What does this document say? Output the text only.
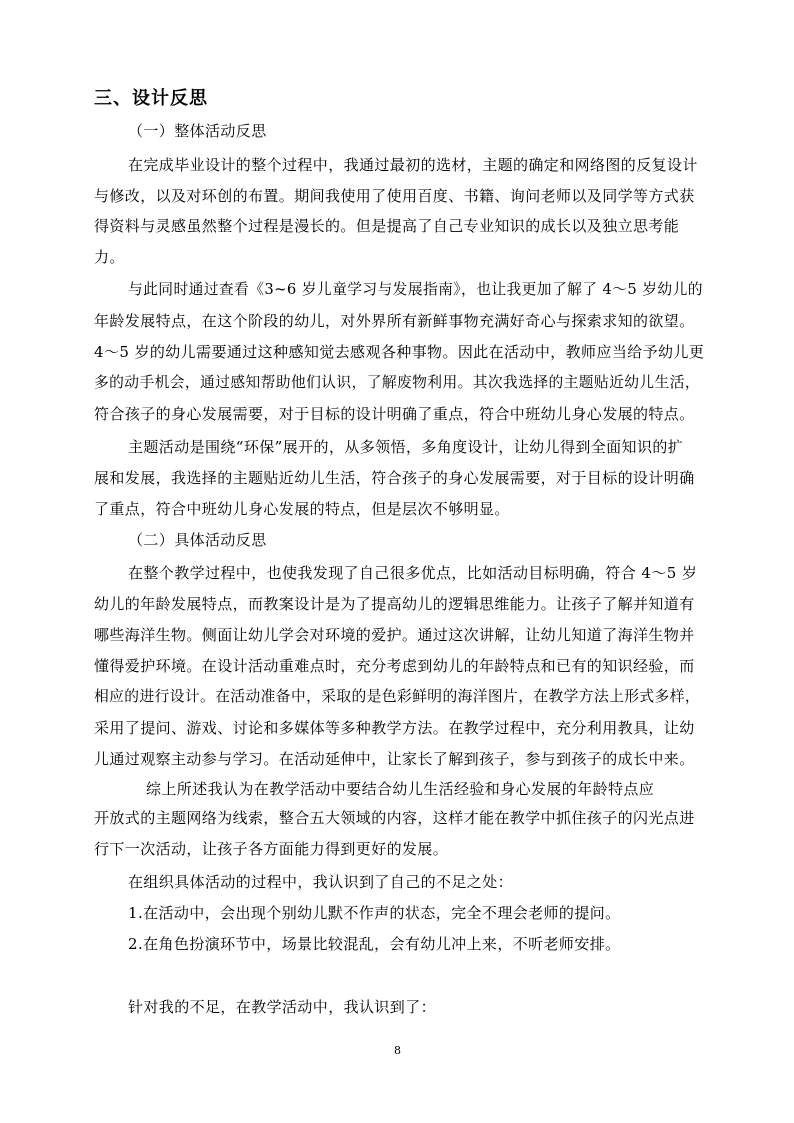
三、设计反思
（一）整体活动反思
在完成毕业设计的整个过程中，我通过最初的选材，主题的确定和网络图的反复设计
与修改，以及对环创的布置。期间我使用了使用百度、书籍、询问老师以及同学等方式获
得资料与灵感虽然整个过程是漫长的。但是提高了自己专业知识的成长以及独立思考能
力。
与此同时通过查看《3~6 岁儿童学习与发展指南》，也让我更加了解了 4～5 岁幼儿的
年龄发展特点，在这个阶段的幼儿，对外界所有新鲜事物充满好奇心与探索求知的欲望。
4～5 岁的幼儿需要通过这种感知觉去感观各种事物。因此在活动中，教师应当给予幼儿更
多的动手机会，通过感知帮助他们认识，了解废物利用。其次我选择的主题贴近幼儿生活，
符合孩子的身心发展需要，对于目标的设计明确了重点，符合中班幼儿身心发展的特点。
主题活动是围绕“环保”展开的，从多领悟，多角度设计，让幼儿得到全面知识的扩
展和发展，我选择的主题贴近幼儿生活，符合孩子的身心发展需要，对于目标的设计明确
了重点，符合中班幼儿身心发展的特点，但是层次不够明显。
（二）具体活动反思
在整个教学过程中，也使我发现了自己很多优点，比如活动目标明确，符合 4～5 岁
幼儿的年龄发展特点，而教案设计是为了提高幼儿的逻辑思维能力。让孩子了解并知道有
哪些海洋生物。侧面让幼儿学会对环境的爱护。通过这次讲解，让幼儿知道了海洋生物并
懂得爱护环境。在设计活动重难点时，充分考虑到幼儿的年龄特点和已有的知识经验，而
相应的进行设计。在活动准备中，采取的是色彩鲜明的海洋图片，在教学方法上形式多样，
采用了提问、游戏、讨论和多媒体等多种教学方法。在教学过程中，充分利用教具，让幼
儿通过观察主动参与学习。在活动延伸中，让家长了解到孩子，参与到孩子的成长中来。
综上所述我认为在教学活动中要结合幼儿生活经验和身心发展的年龄特点应
开放式的主题网络为线索，整合五大领域的内容，这样才能在教学中抓住孩子的闪光点进
行下一次活动，让孩子各方面能力得到更好的发展。
在组织具体活动的过程中，我认识到了自己的不足之处：
1.在活动中，会出现个别幼儿默不作声的状态，完全不理会老师的提问。
2.在角色扮演环节中，场景比较混乱，会有幼儿冲上来，不听老师安排。
针对我的不足，在教学活动中，我认识到了：
8
